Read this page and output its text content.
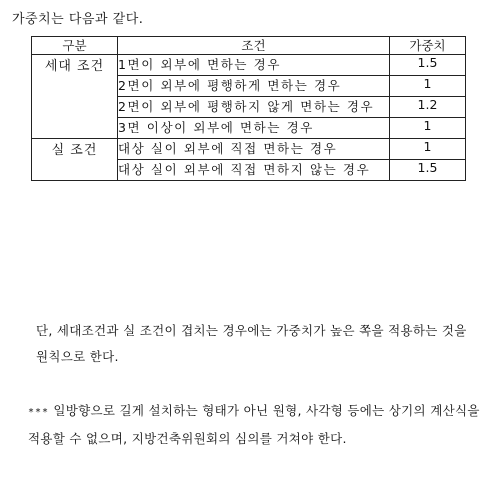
가중치는 다음과 같다.
구분	조건	가중치
세대 조건	1면이 외부에 면하는 경우	1.5
	2면이 외부에 평행하게 면하는 경우	1
	2면이 외부에 평행하지 않게 면하는 경우	1.2
	3면 이상이 외부에 면하는 경우	1
실 조건	대상 실이 외부에 직접 면하는 경우	1
	대상 실이 외부에 직접 면하지 않는 경우	1.5
단, 세대조건과 실 조건이 겹치는 경우에는 가중치가 높은 쪽을 적용하는 것을 원칙으로 한다.
*** 일방향으로 길게 설치하는 형태가 아닌 원형, 사각형 등에는 상기의 계산식을 적용할 수 없으며, 지방건축위원회의 심의를 거쳐야 한다.
